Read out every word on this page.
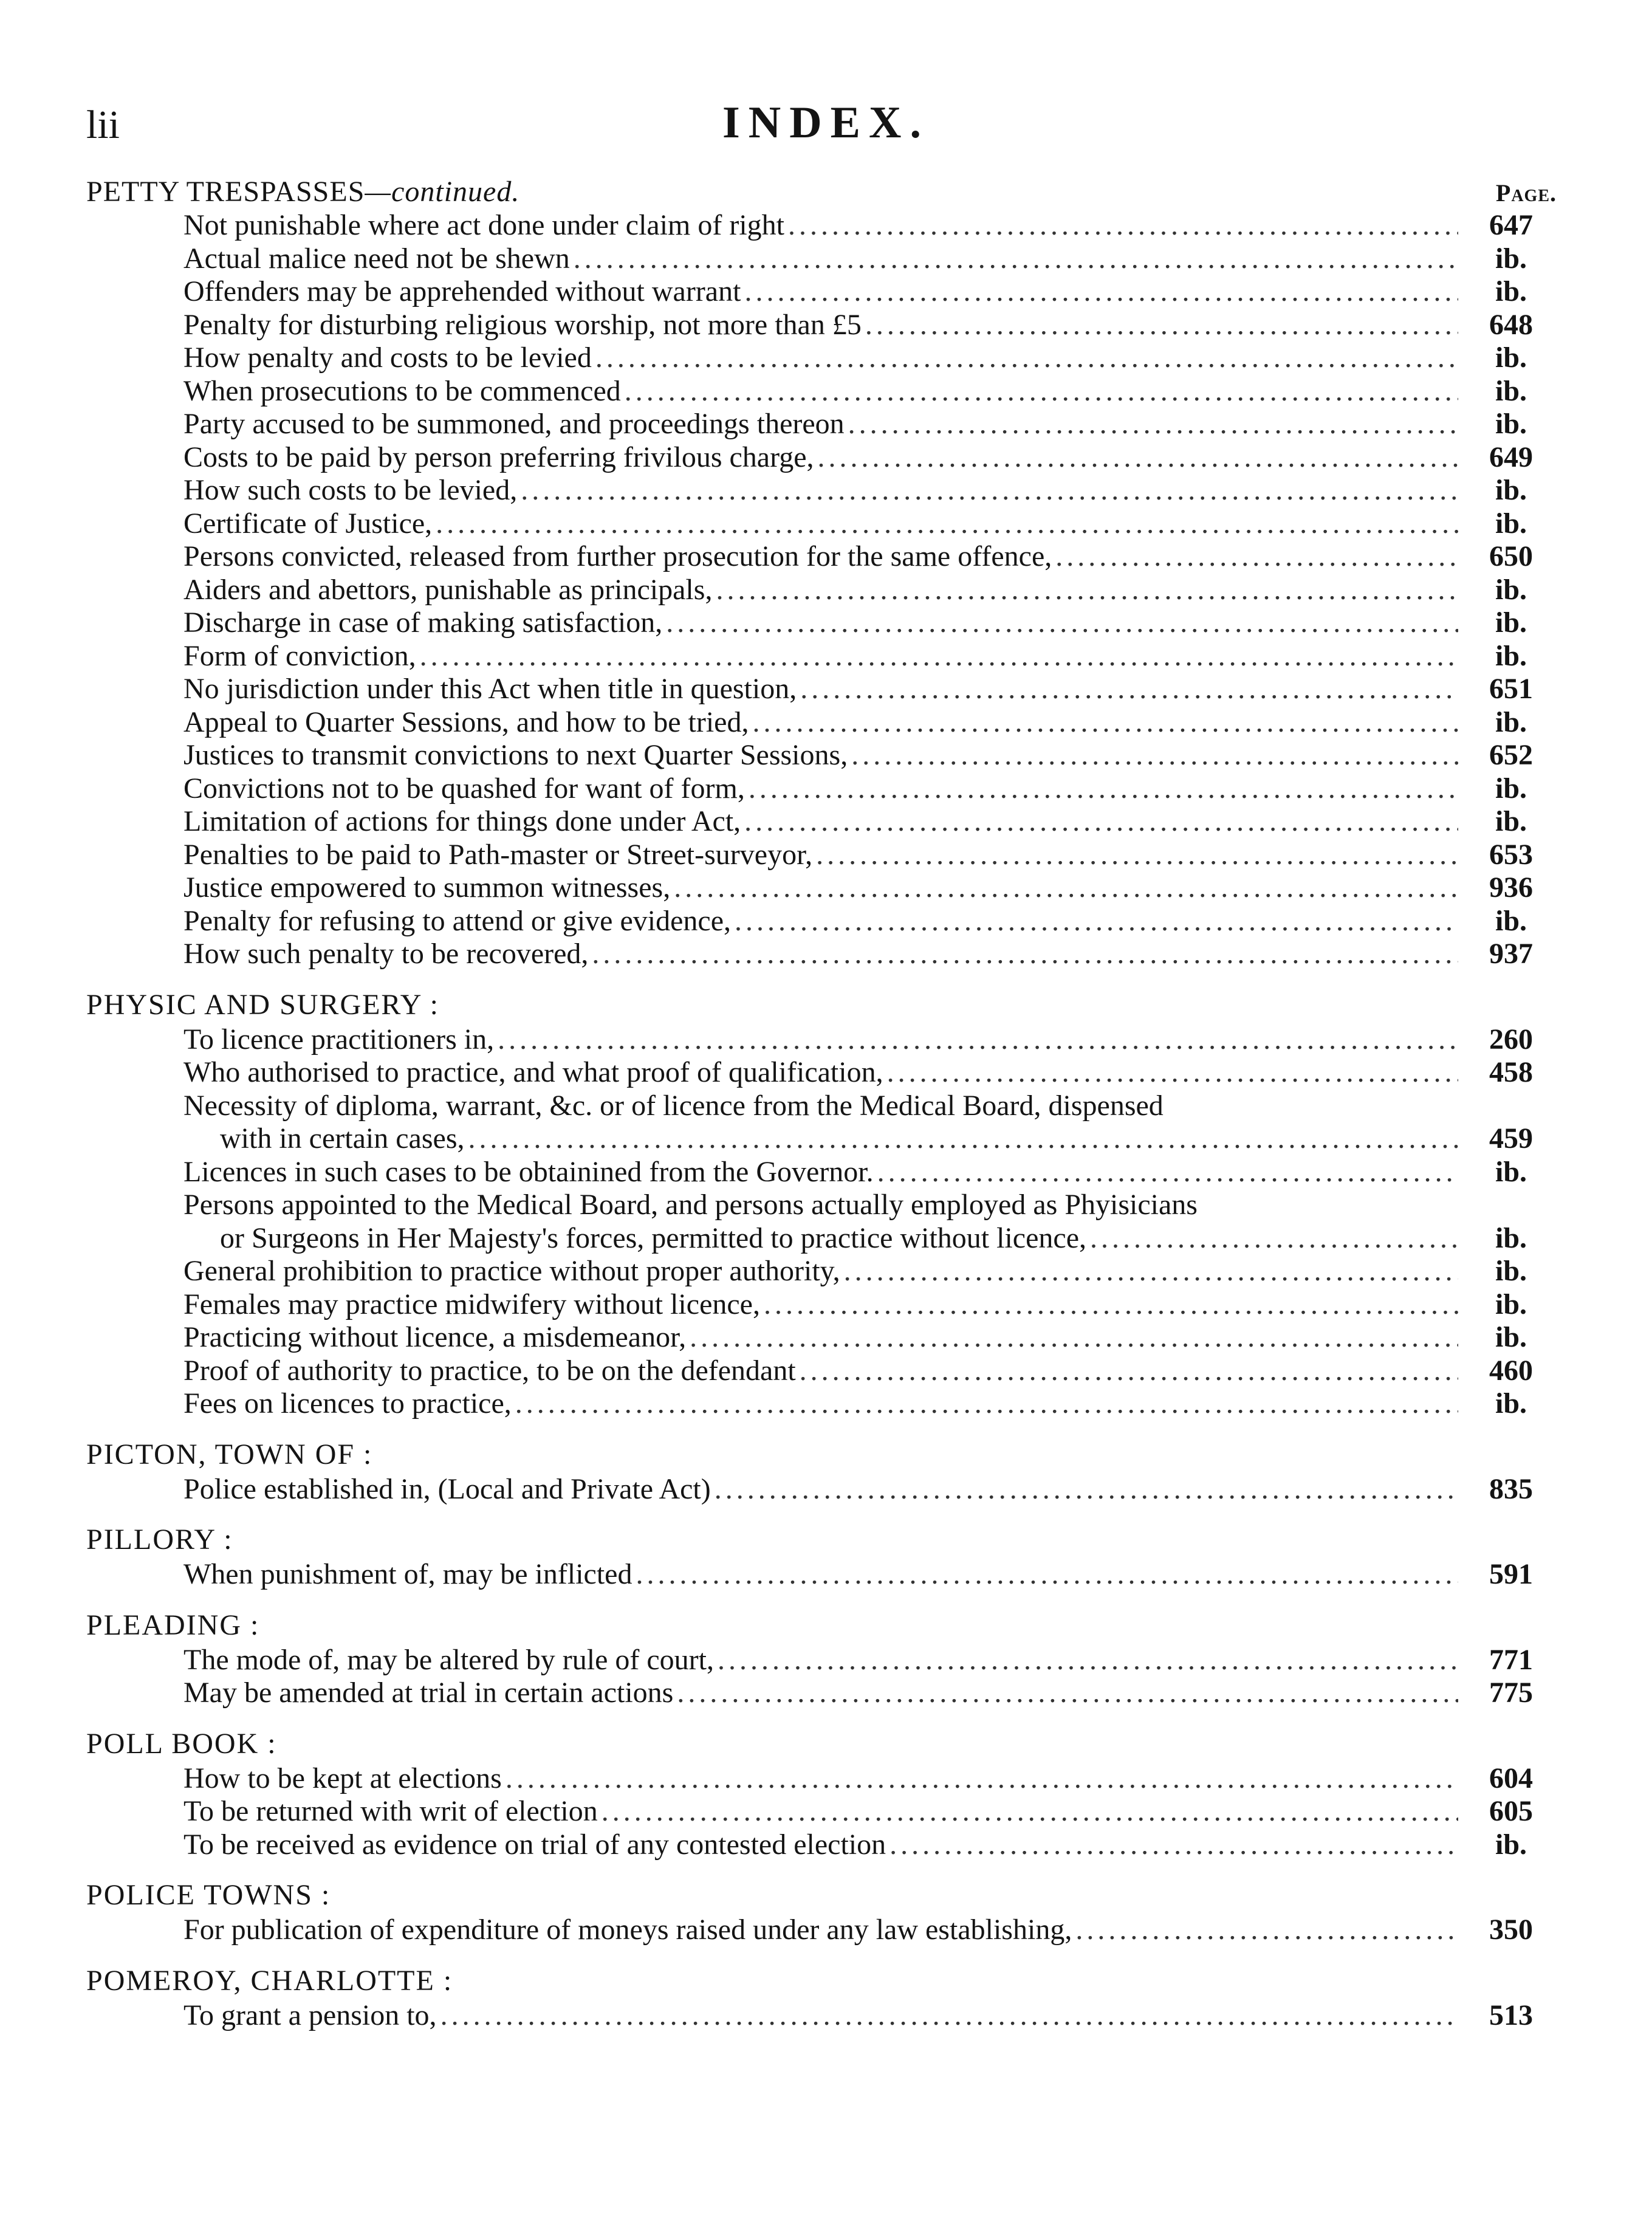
lii	INDEX.
PETTY TRESPASSES—continued.	Page.
Not punishable where act done under claim of right .....	647
Actual malice need not be shewn .....	ib.
Offenders may be apprehended without warrant .....	ib.
Penalty for disturbing religious worship, not more than £5 .....	648
How penalty and costs to be levied .....	ib.
When prosecutions to be commenced .....	ib.
Party accused to be summoned, and proceedings thereon .....	ib.
Costs to be paid by person preferring frivilous charge, .....	649
How such costs to be levied, .....	ib.
Certificate of Justice, .....	ib.
Persons convicted, released from further prosecution for the same offence, .....	650
Aiders and abettors, punishable as principals, .....	ib.
Discharge in case of making satisfaction, .....	ib.
Form of conviction, .....	ib.
No jurisdiction under this Act when title in question, .....	651
Appeal to Quarter Sessions, and how to be tried, .....	ib.
Justices to transmit convictions to next Quarter Sessions, .....	652
Convictions not to be quashed for want of form, .....	ib.
Limitation of actions for things done under Act, .....	ib.
Penalties to be paid to Path-master or Street-surveyor, .....	653
Justice empowered to summon witnesses, .....	936
Penalty for refusing to attend or give evidence, .....	ib.
How such penalty to be recovered, .....	937
PHYSIC AND SURGERY :
To licence practitioners in, .....	260
Who authorised to practice, and what proof of qualification, .....	458
Necessity of diploma, warrant, &c. or of licence from the Medical Board, dispensed
with in certain cases, .....	459
Licences in such cases to be obtainined from the Governor. .....	ib.
Persons appointed to the Medical Board, and persons actually employed as Phyisicians
or Surgeons in Her Majesty's forces, permitted to practice without licence, .....	ib.
General prohibition to practice without proper authority, .....	ib.
Females may practice midwifery without licence, .....	ib.
Practicing without licence, a misdemeanor, .....	ib.
Proof of authority to practice, to be on the defendant .....	460
Fees on licences to practice, .....	ib.
PICTON, TOWN OF :
Police established in, (Local and Private Act) .....	835
PILLORY :
When punishment of, may be inflicted .....	591
PLEADING :
The mode of, may be altered by rule of court, .....	771
May be amended at trial in certain actions .....	775
POLL BOOK :
How to be kept at elections .....	604
To be returned with writ of election .....	605
To be received as evidence on trial of any contested election .....	ib.
POLICE TOWNS :
For publication of expenditure of moneys raised under any law establishing, .....	350
POMEROY, CHARLOTTE :
To grant a pension to, .....	513
